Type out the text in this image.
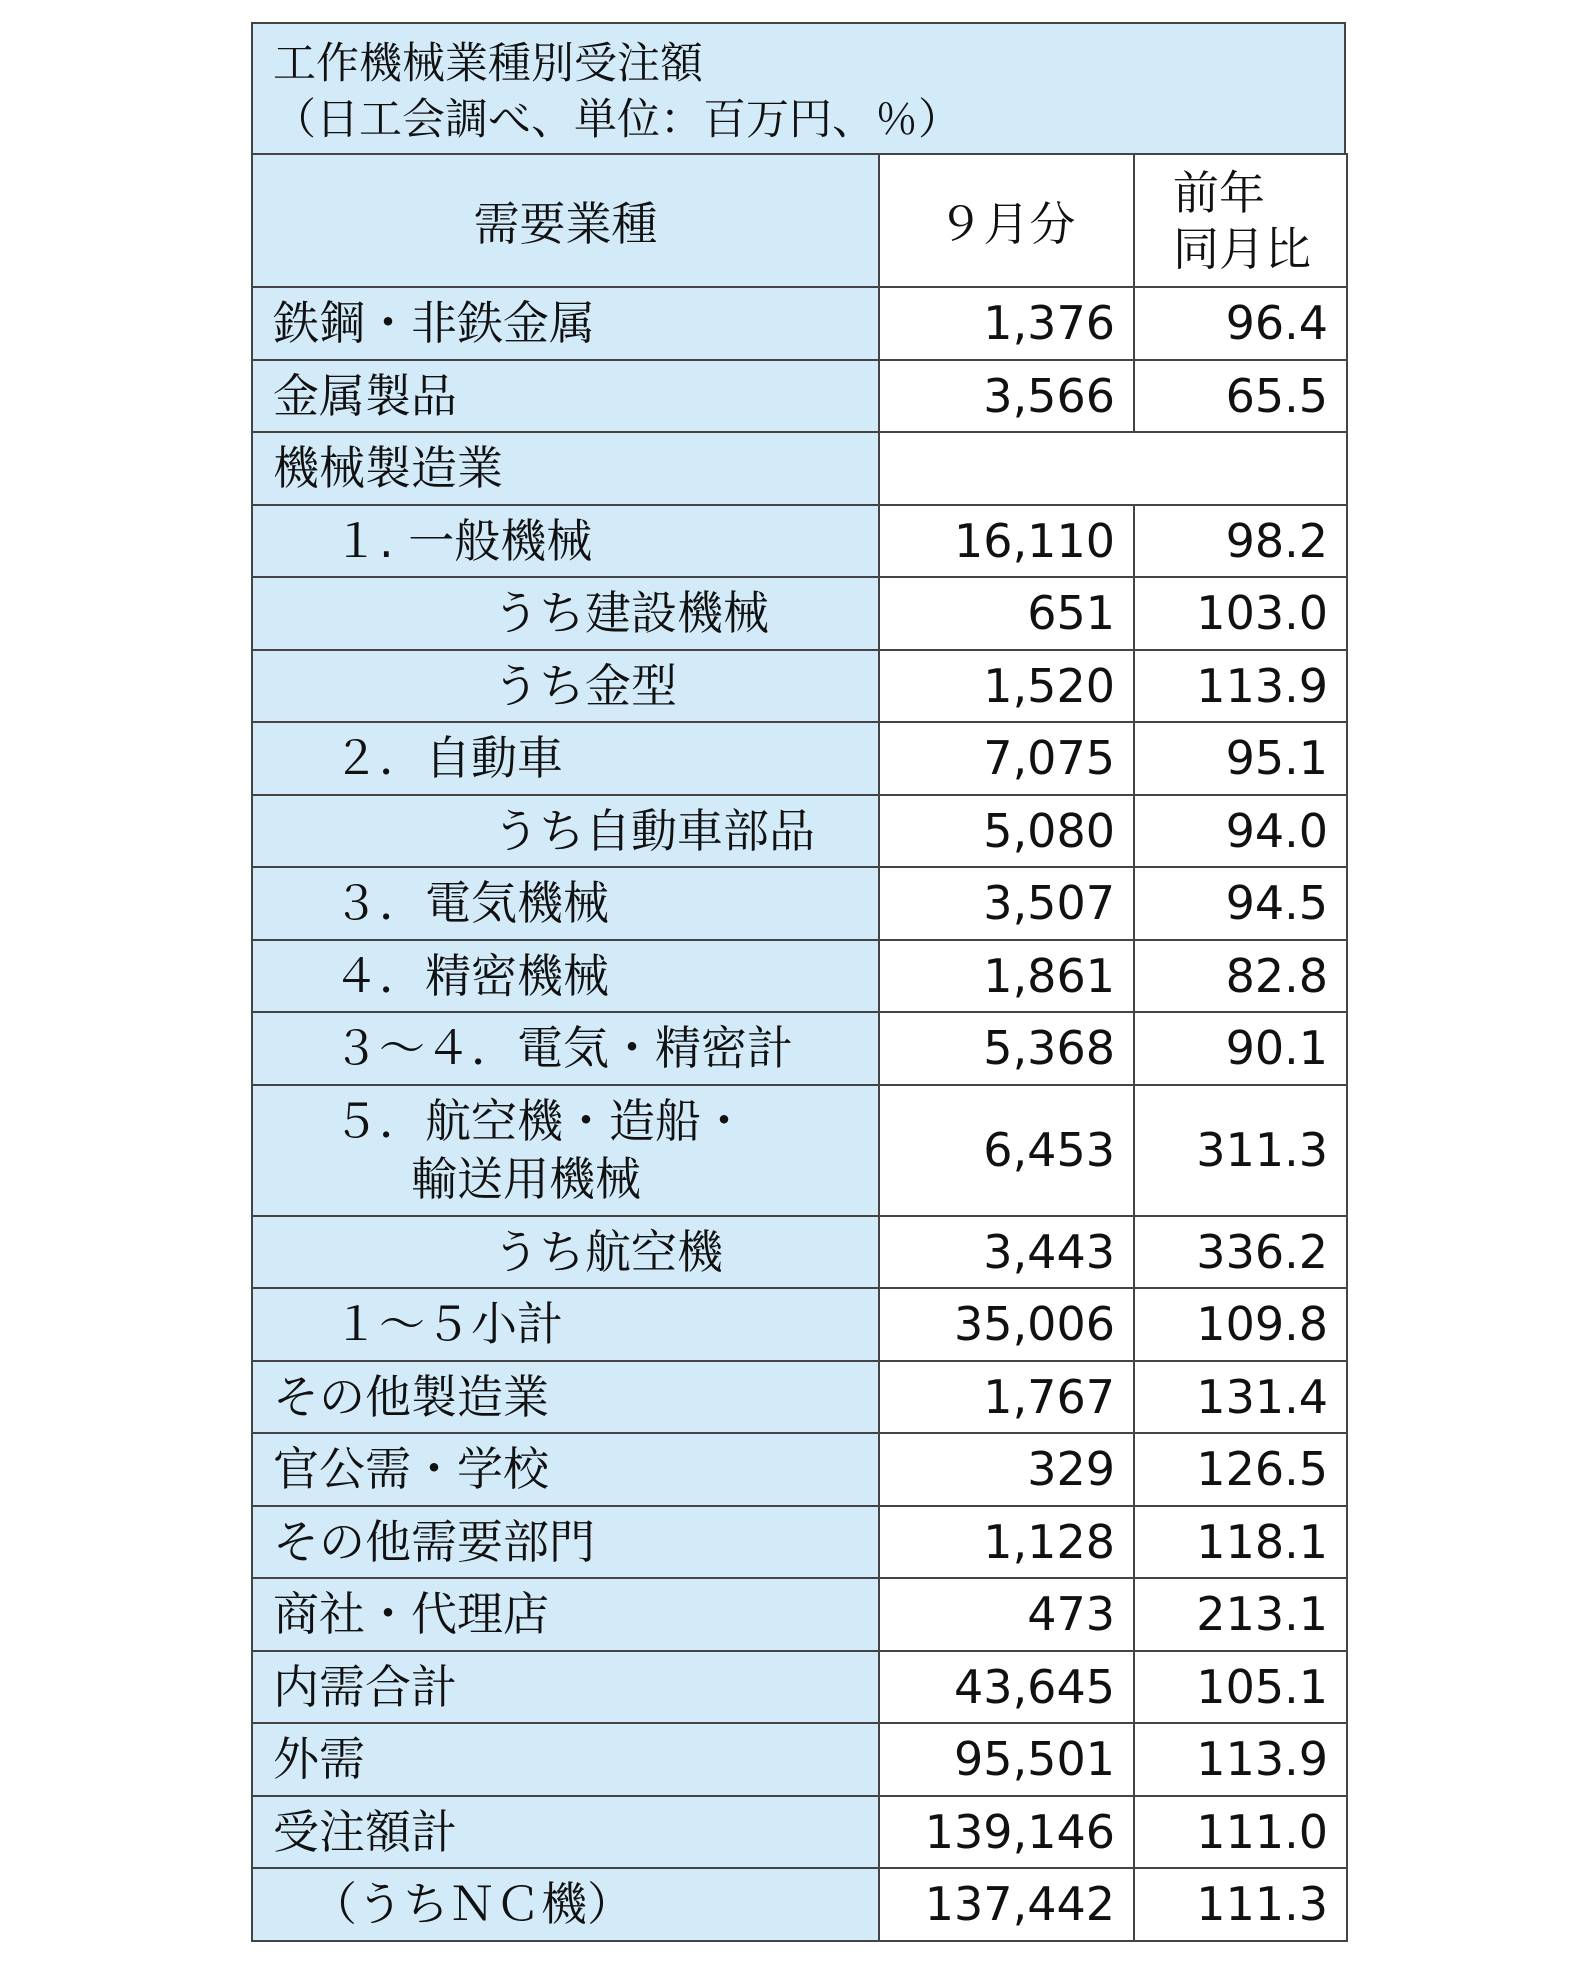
工作機械業種別受注額
（日工会調べ、単位：百万円、％）
需要業種	９月分	前年
同月比

鉄鋼・非鉄金属	1,376	96.4

金属製品	3,566	65.5

機械製造業		

１. 一般機械	16,110	98.2

うち建設機械	651	103.0

うち金型	1,520	113.9

２．自動車	7,075	95.1

うち自動車部品	5,080	94.0

３．電気機械	3,507	94.5

４．精密機械	1,861	82.8

３～４．電気・精密計	5,368	90.1

５．航空機・造船・
輸送用機械	6,453	311.3

うち航空機	3,443	336.2

１～５小計	35,006	109.8

その他製造業	1,767	131.4

官公需・学校	329	126.5

その他需要部門	1,128	118.1

商社・代理店	473	213.1

内需合計	43,645	105.1

外需	95,501	113.9

受注額計	139,146	111.0

（うちＮＣ機）	137,442	111.3
